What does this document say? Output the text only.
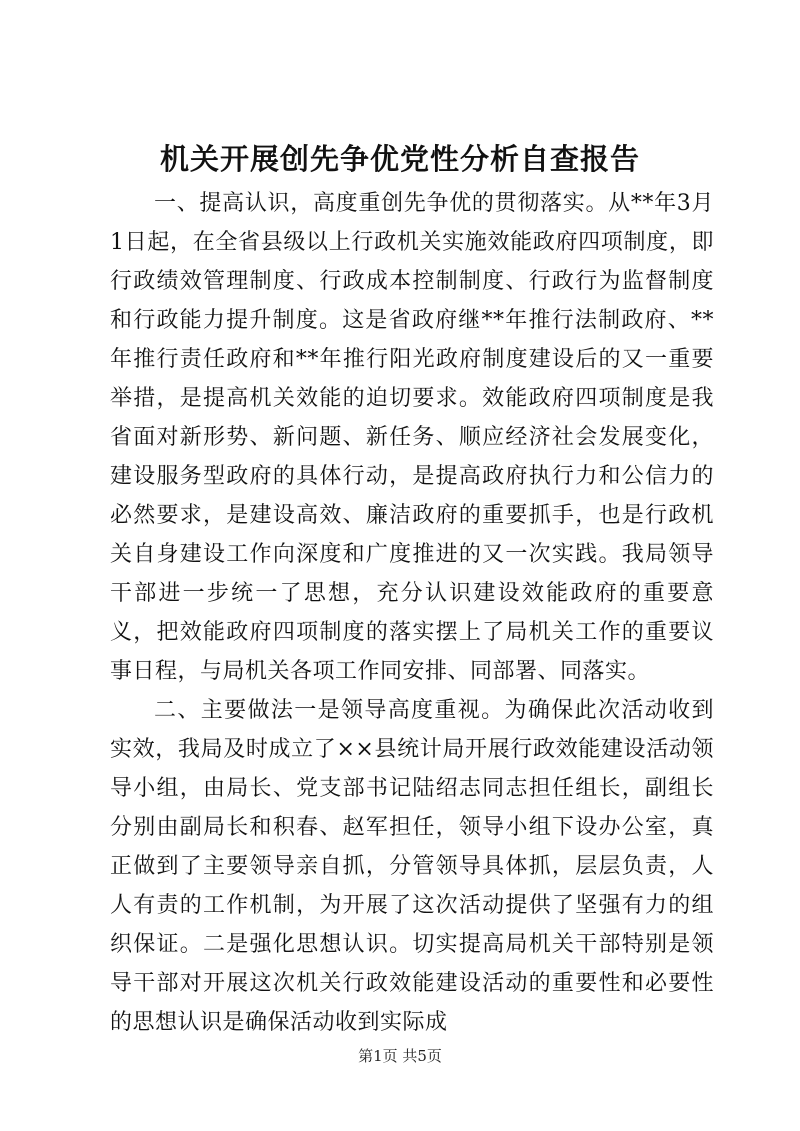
机关开展创先争优党性分析自查报告

一、提高认识，高度重创先争优的贯彻落实。从**年3月1日起，在全省县级以上行政机关实施效能政府四项制度，即行政绩效管理制度、行政成本控制制度、行政行为监督制度和行政能力提升制度。这是省政府继**年推行法制政府、**年推行责任政府和**年推行阳光政府制度建设后的又一重要举措，是提高机关效能的迫切要求。效能政府四项制度是我省面对新形势、新问题、新任务、顺应经济社会发展变化，建设服务型政府的具体行动，是提高政府执行力和公信力的必然要求，是建设高效、廉洁政府的重要抓手，也是行政机关自身建设工作向深度和广度推进的又一次实践。我局领导干部进一步统一了思想，充分认识建设效能政府的重要意义，把效能政府四项制度的落实摆上了局机关工作的重要议事日程，与局机关各项工作同安排、同部署、同落实。

二、主要做法一是领导高度重视。为确保此次活动收到实效，我局及时成立了××县统计局开展行政效能建设活动领导小组，由局长、党支部书记陆绍志同志担任组长，副组长分别由副局长和积春、赵军担任，领导小组下设办公室，真正做到了主要领导亲自抓，分管领导具体抓，层层负责，人人有责的工作机制，为开展了这次活动提供了坚强有力的组织保证。二是强化思想认识。切实提高局机关干部特别是领导干部对开展这次机关行政效能建设活动的重要性和必要性的思想认识是确保活动收到实际成

第1页 共5页
